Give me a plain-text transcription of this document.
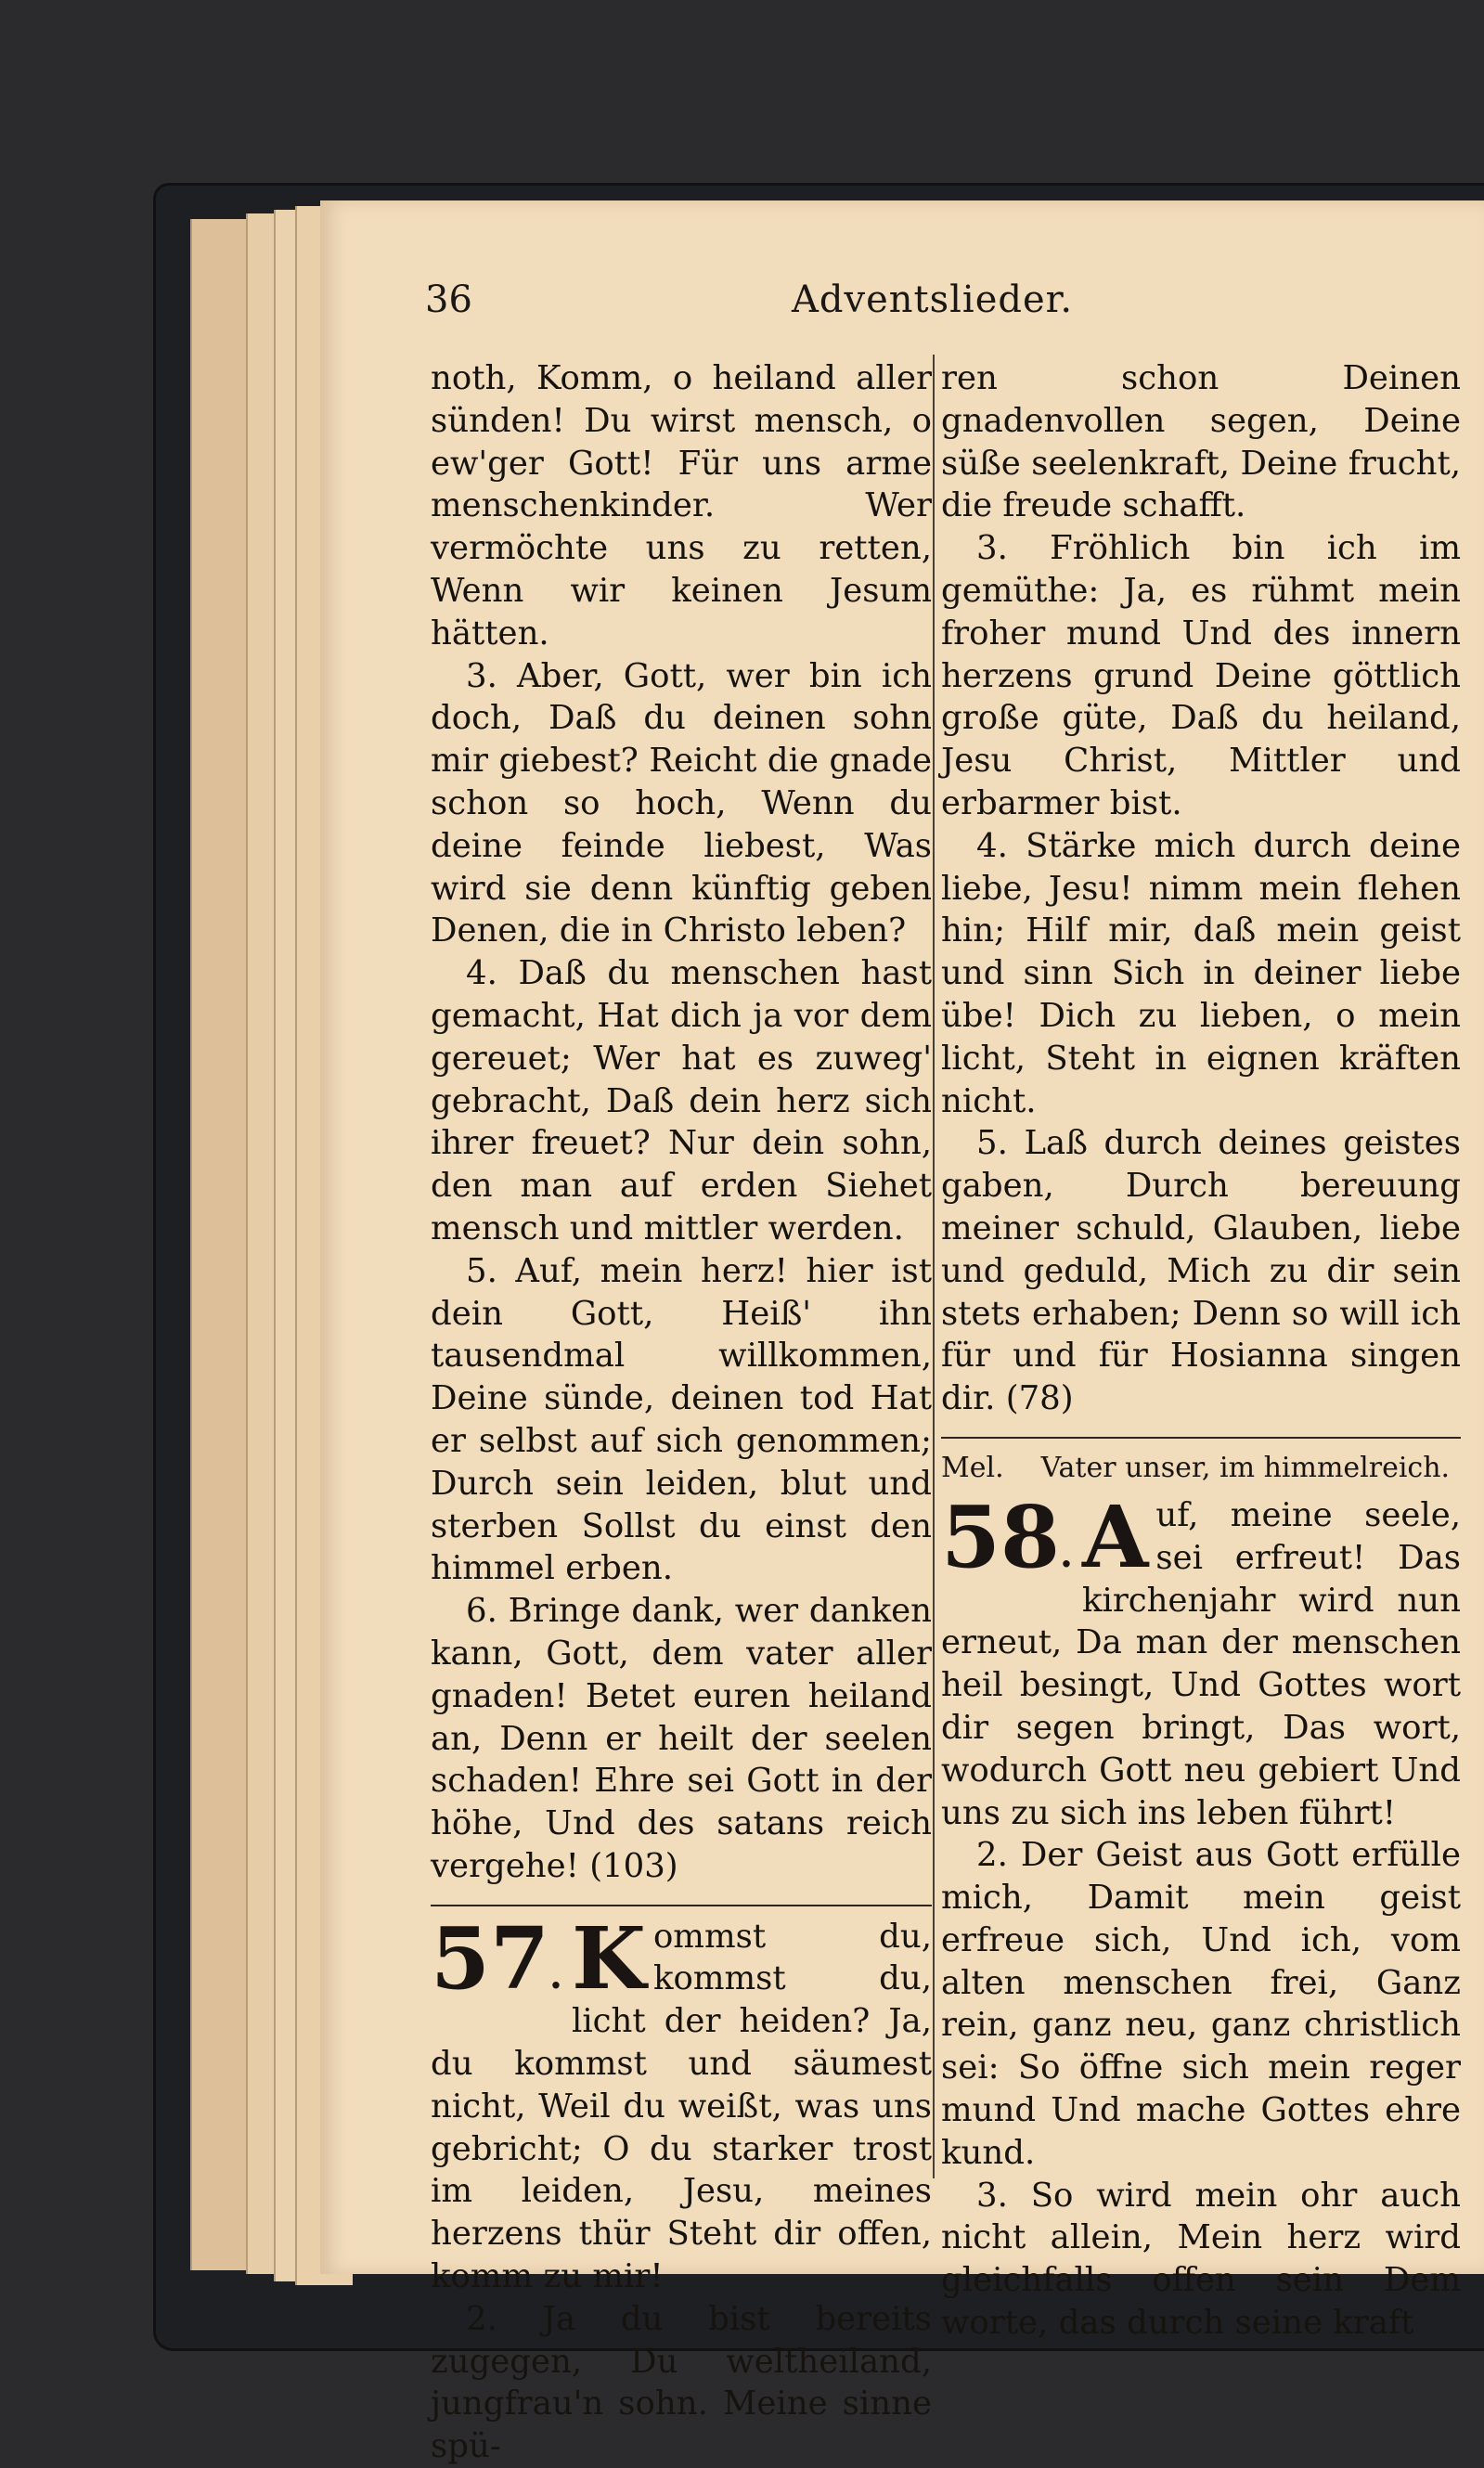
36	Adventslieder.

noth, Komm, o heiland aller sünden! Du wirst mensch, o ew'ger Gott! Für uns arme menschenkinder. Wer vermöchte uns zu retten, Wenn wir keinen Jesum hätten.

3. Aber, Gott, wer bin ich doch, Daß du deinen sohn mir giebest? Reicht die gnade schon so hoch, Wenn du deine feinde liebest, Was wird sie denn künftig geben Denen, die in Christo leben?

4. Daß du menschen hast gemacht, Hat dich ja vor dem gereuet; Wer hat es zuweg' gebracht, Daß dein herz sich ihrer freuet? Nur dein sohn, den man auf erden Siehet mensch und mittler werden.

5. Auf, mein herz! hier ist dein Gott, Heiß' ihn tausendmal willkommen, Deine sünde, deinen tod Hat er selbst auf sich genommen; Durch sein leiden, blut und sterben Sollst du einst den himmel erben.

6. Bringe dank, wer danken kann, Gott, dem vater aller gnaden! Betet euren heiland an, Denn er heilt der seelen schaden! Ehre sei Gott in der höhe, Und des satans reich vergehe! (103)

57. K ommst du, kommst du, licht der heiden? Ja, du kommst und säumest nicht, Weil du weißt, was uns gebricht; O du starker trost im leiden, Jesu, meines herzens thür Steht dir offen, komm zu mir!

2. Ja du bist bereits zugegen, Du weltheiland, jungfrau'n sohn. Meine sinne spü-

ren schon Deinen gnadenvollen segen, Deine süße seelenkraft, Deine frucht, die freude schafft.

3. Fröhlich bin ich im gemüthe: Ja, es rühmt mein froher mund Und des innern herzens grund Deine göttlich große güte, Daß du heiland, Jesu Christ, Mittler und erbarmer bist.

4. Stärke mich durch deine liebe, Jesu! nimm mein flehen hin; Hilf mir, daß mein geist und sinn Sich in deiner liebe übe! Dich zu lieben, o mein licht, Steht in eignen kräften nicht.

5. Laß durch deines geistes gaben, Durch bereuung meiner schuld, Glauben, liebe und geduld, Mich zu dir sein stets erhaben; Denn so will ich für und für Hosianna singen dir. (78)

Mel. Vater unser, im himmelreich.
58. A uf, meine seele, sei erfreut! Das kirchenjahr wird nun erneut, Da man der menschen heil besingt, Und Gottes wort dir segen bringt, Das wort, wodurch Gott neu gebiert Und uns zu sich ins leben führt!

2. Der Geist aus Gott erfülle mich, Damit mein geist erfreue sich, Und ich, vom alten menschen frei, Ganz rein, ganz neu, ganz christlich sei: So öffne sich mein reger mund Und mache Gottes ehre kund.

3. So wird mein ohr auch nicht allein, Mein herz wird gleichfalls offen sein Dem worte, das durch seine kraft
